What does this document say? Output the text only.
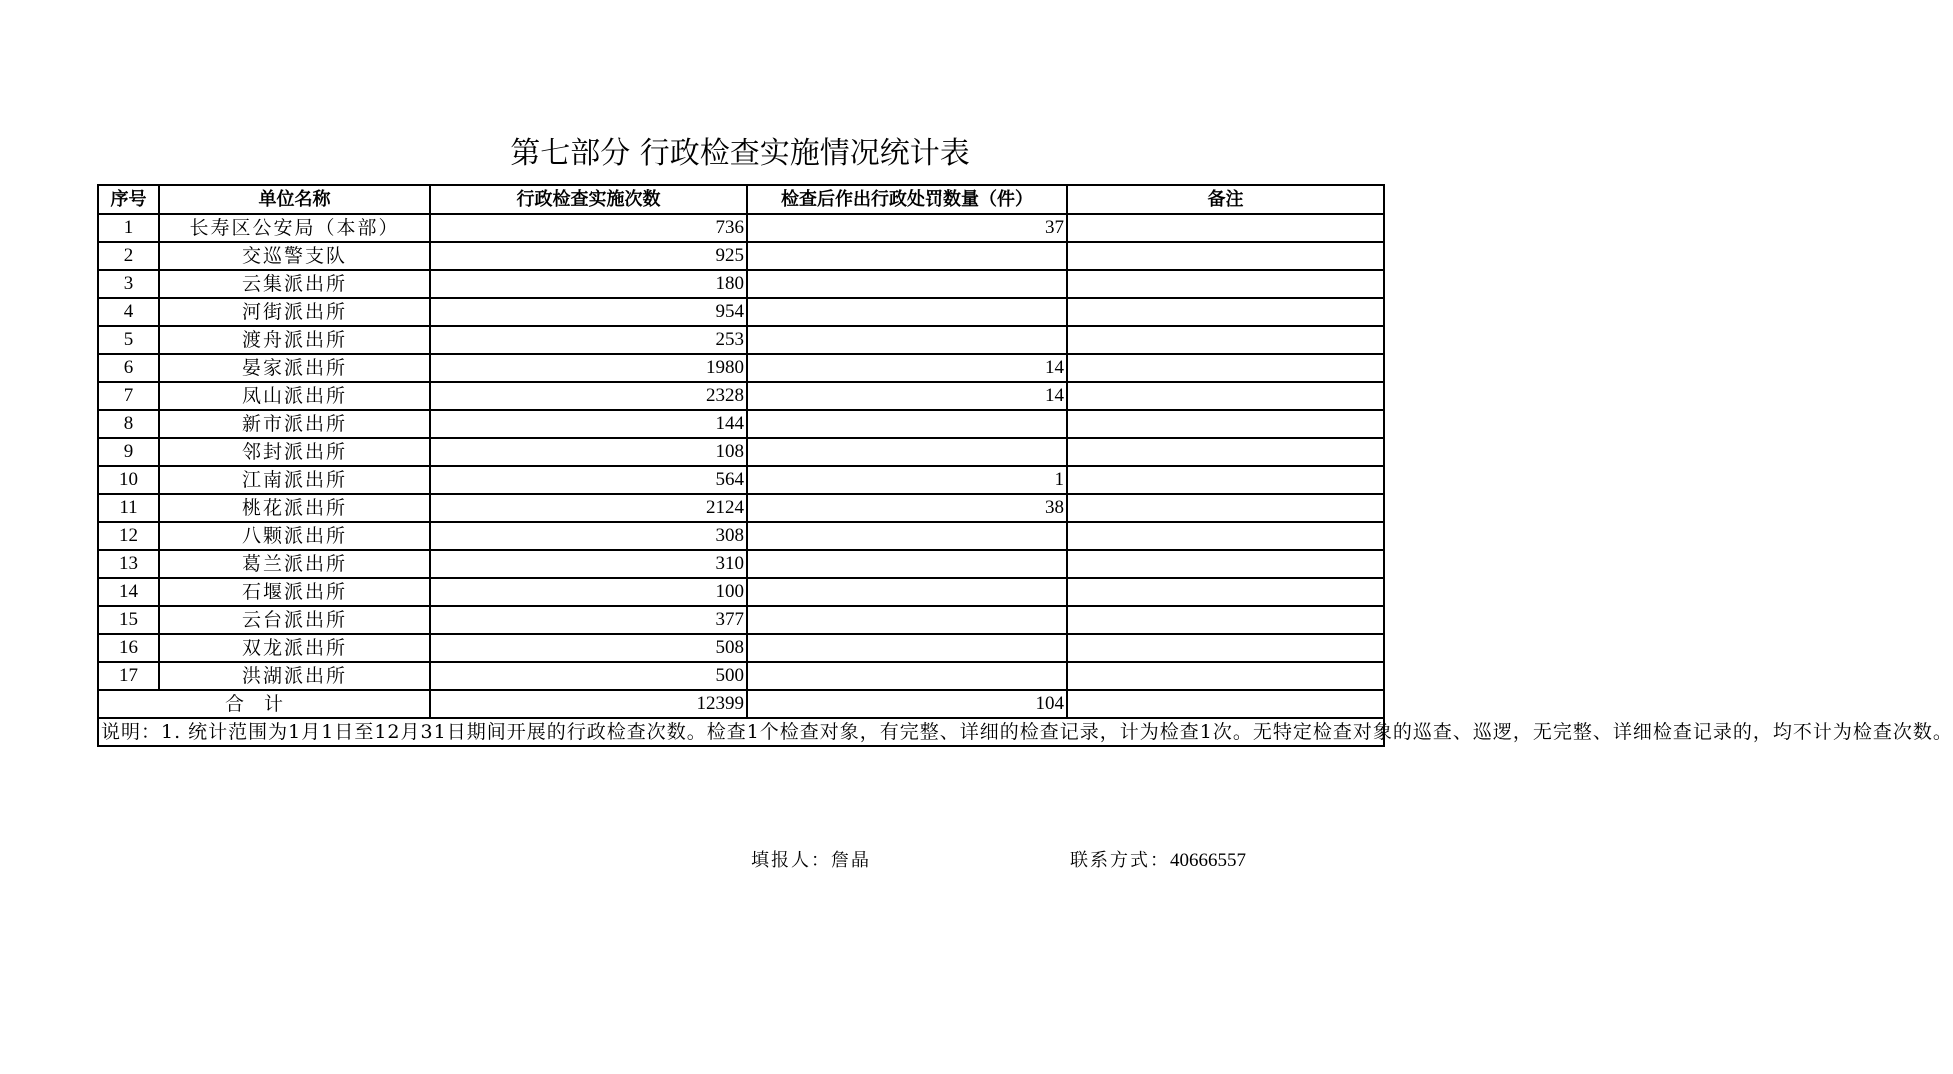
第七部分 行政检查实施情况统计表
序号	单位名称	行政检查实施次数	检查后作出行政处罚数量（件）	备注
1	长寿区公安局（本部）	736	37	
2	交巡警支队	925		
3	云集派出所	180		
4	河街派出所	954		
5	渡舟派出所	253		
6	晏家派出所	1980	14	
7	凤山派出所	2328	14	
8	新市派出所	144		
9	邻封派出所	108		
10	江南派出所	564	1	
11	桃花派出所	2124	38	
12	八颗派出所	308		
13	葛兰派出所	310		
14	石堰派出所	100		
15	云台派出所	377		
16	双龙派出所	508		
17	洪湖派出所	500		
合计		12399	104	
说明：1. 统计范围为1月1日至12月31日期间开展的行政检查次数。检查1个检查对象，有完整、详细的检查记录，计为检查1次。无特定检查对象的巡查、巡逻，无完整、详细检查记录的，均不计为检查次数。				
填报人：詹晶	联系方式：40666557
